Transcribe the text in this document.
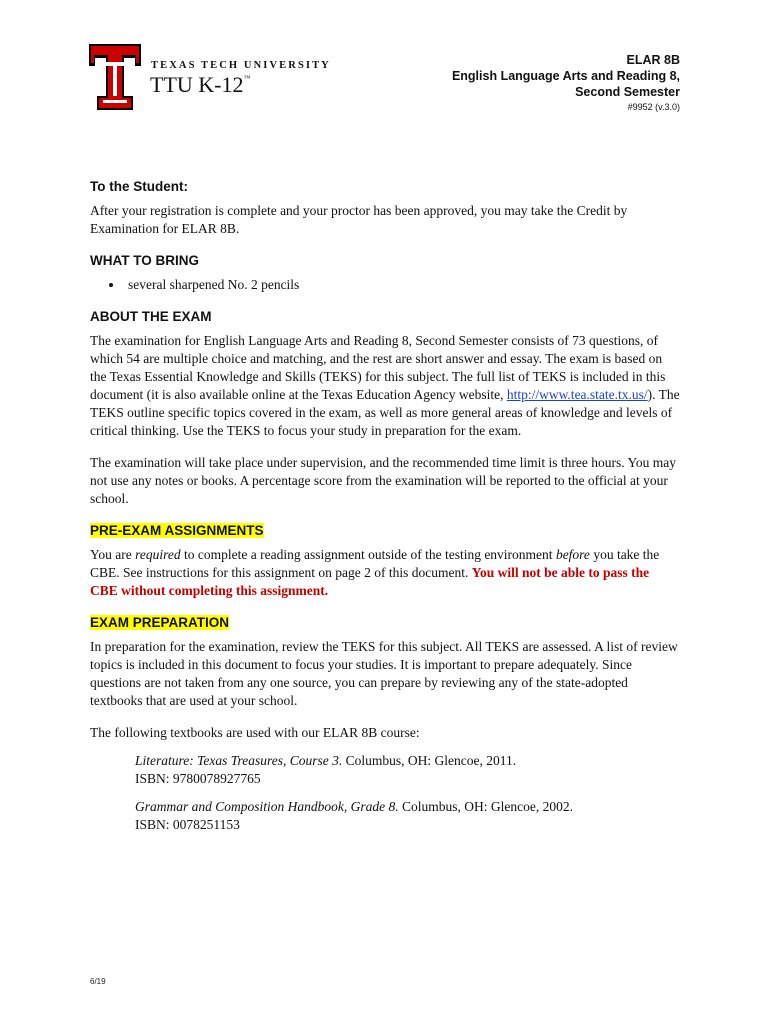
TEXAS TECH UNIVERSITY
TTU K-12™
ELAR 8B
English Language Arts and Reading 8,
Second Semester
#9952 (v.3.0)
To the Student:

After your registration is complete and your proctor has been approved, you may take the Credit by Examination for ELAR 8B.

WHAT TO BRING
• several sharpened No. 2 pencils
ABOUT THE EXAM

The examination for English Language Arts and Reading 8, Second Semester consists of 73 questions, of which 54 are multiple choice and matching, and the rest are short answer and essay. The exam is based on the Texas Essential Knowledge and Skills (TEKS) for this subject. The full list of TEKS is included in this document (it is also available online at the Texas Education Agency website, http://www.tea.state.tx.us/). The TEKS outline specific topics covered in the exam, as well as more general areas of knowledge and levels of critical thinking. Use the TEKS to focus your study in preparation for the exam.

The examination will take place under supervision, and the recommended time limit is three hours. You may not use any notes or books. A percentage score from the examination will be reported to the official at your school.

PRE-EXAM ASSIGNMENTS

You are required to complete a reading assignment outside of the testing environment before you take the CBE. See instructions for this assignment on page 2 of this document. You will not be able to pass the CBE without completing this assignment.

EXAM PREPARATION

In preparation for the examination, review the TEKS for this subject. All TEKS are assessed. A list of review topics is included in this document to focus your studies. It is important to prepare adequately. Since questions are not taken from any one source, you can prepare by reviewing any of the state-adopted textbooks that are used at your school.

The following textbooks are used with our ELAR 8B course:

Literature: Texas Treasures, Course 3. Columbus, OH: Glencoe, 2011.

ISBN: 9780078927765

Grammar and Composition Handbook, Grade 8. Columbus, OH: Glencoe, 2002.

ISBN: 0078251153

6/19
